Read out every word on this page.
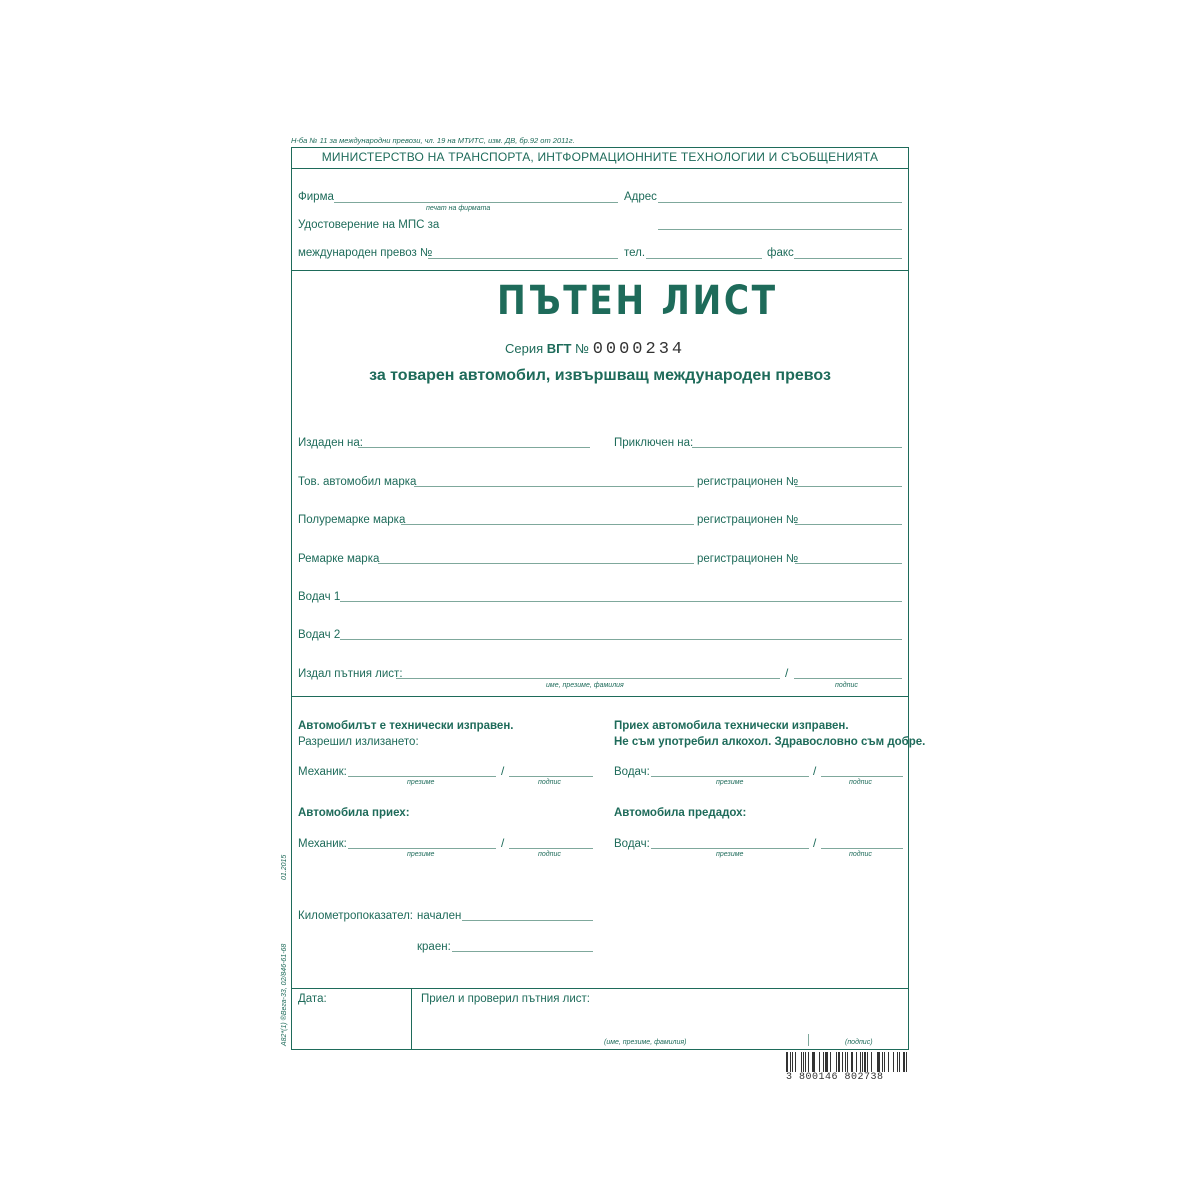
Н-ба № 11 за международни превози, чл. 19 на МТИТС, изм. ДВ, бр.92 от 2011г.
МИНИСТЕРСТВО НА ТРАНСПОРТА, ИНТФОРМАЦИОННИТЕ ТЕХНОЛОГИИ И СЪОБЩЕНИЯТА
Фирма
печат на фирмата
Адрес
Удостоверение на МПС за
международен превоз №	тел.	факс
ПЪТЕН ЛИСТ
Серия ВГТ № 0000234
за товарен автомобил, извършващ международен превоз
Издаден на:	Приключен на:
Тов. автомобил марка	регистрационен №
Полуремарке марка	регистрационен №
Ремарке марка	регистрационен №
Водач 1
Водач 2
Издал пътния лист:
име, презиме, фамилия
/
подпис
Автомобилът е технически изправен.
Разрешил излизането:
Механик:
презиме
/
подпис
Автомобила приех:
Механик:
презиме
/
подпис
Километропоказател: начален
краен:
Приех автомобила технически изправен.
Не съм употребил алкохол. Здравословно съм добре.
Водач:
презиме
/
подпис
Автомобила предадох:
Водач:
презиме
/
подпис
Дата:	Приел и проверил пътния лист:
(име, презиме, фамилия)	(подпис)
3 800146 802738
01.2015
А82*(1) ®Вега-33, 02/846-61-68
